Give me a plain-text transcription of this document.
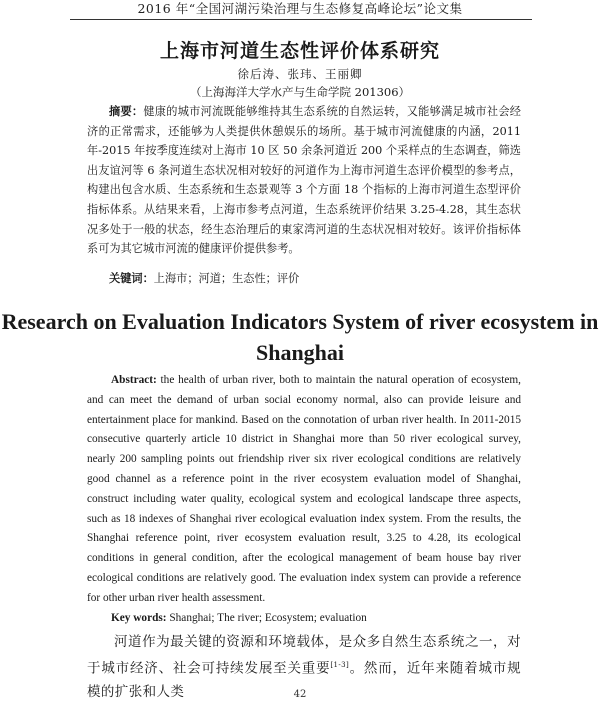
2016 年“全国河湖污染治理与生态修复高峰论坛”论文集
上海市河道生态性评价体系研究
徐后涛、张玮、王丽卿
（上海海洋大学水产与生命学院 201306）

摘要：健康的城市河流既能够维持其生态系统的自然运转，又能够满足城市社会经济的正常需求，还能够为人类提供休憩娱乐的场所。基于城市河流健康的内涵，2011 年-2015 年按季度连续对上海市 10 区 50 余条河道近 200 个采样点的生态调查，筛选出友谊河等 6 条河道生态状况相对较好的河道作为上海市河道生态评价模型的参考点，构建出包含水质、生态系统和生态景观等 3 个方面 18 个指标的上海市河道生态型评价指标体系。从结果来看，上海市参考点河道，生态系统评价结果 3.25-4.28，其生态状况多处于一般的状态，经生态治理后的東家湾河道的生态状况相对较好。该评价指标体系可为其它城市河流的健康评价提供参考。

关键词：上海市；河道；生态性；评价

Research on Evaluation Indicators System of river ecosystem in Shanghai

Abstract: the health of urban river, both to maintain the natural operation of ecosystem, and can meet the demand of urban social economy normal, also can provide leisure and entertainment place for mankind. Based on the connotation of urban river health. In 2011-2015 consecutive quarterly article 10 district in Shanghai more than 50 river ecological survey, nearly 200 sampling points out friendship river six river ecological conditions are relatively good channel as a reference point in the river ecosystem evaluation model of Shanghai, construct including water quality, ecological system and ecological landscape three aspects, such as 18 indexes of Shanghai river ecological evaluation index system. From the results, the Shanghai reference point, river ecosystem evaluation result, 3.25 to 4.28, its ecological conditions in general condition, after the ecological management of beam house bay river ecological conditions are relatively good. The evaluation index system can provide a reference for other urban river health assessment.

Key words: Shanghai; The river; Ecosystem; evaluation

河道作为最关键的资源和环境载体，是众多自然生态系统之一，对于城市经济、社会可持续发展至关重要[1-3]。然而，近年来随着城市规模的扩张和人类	42
